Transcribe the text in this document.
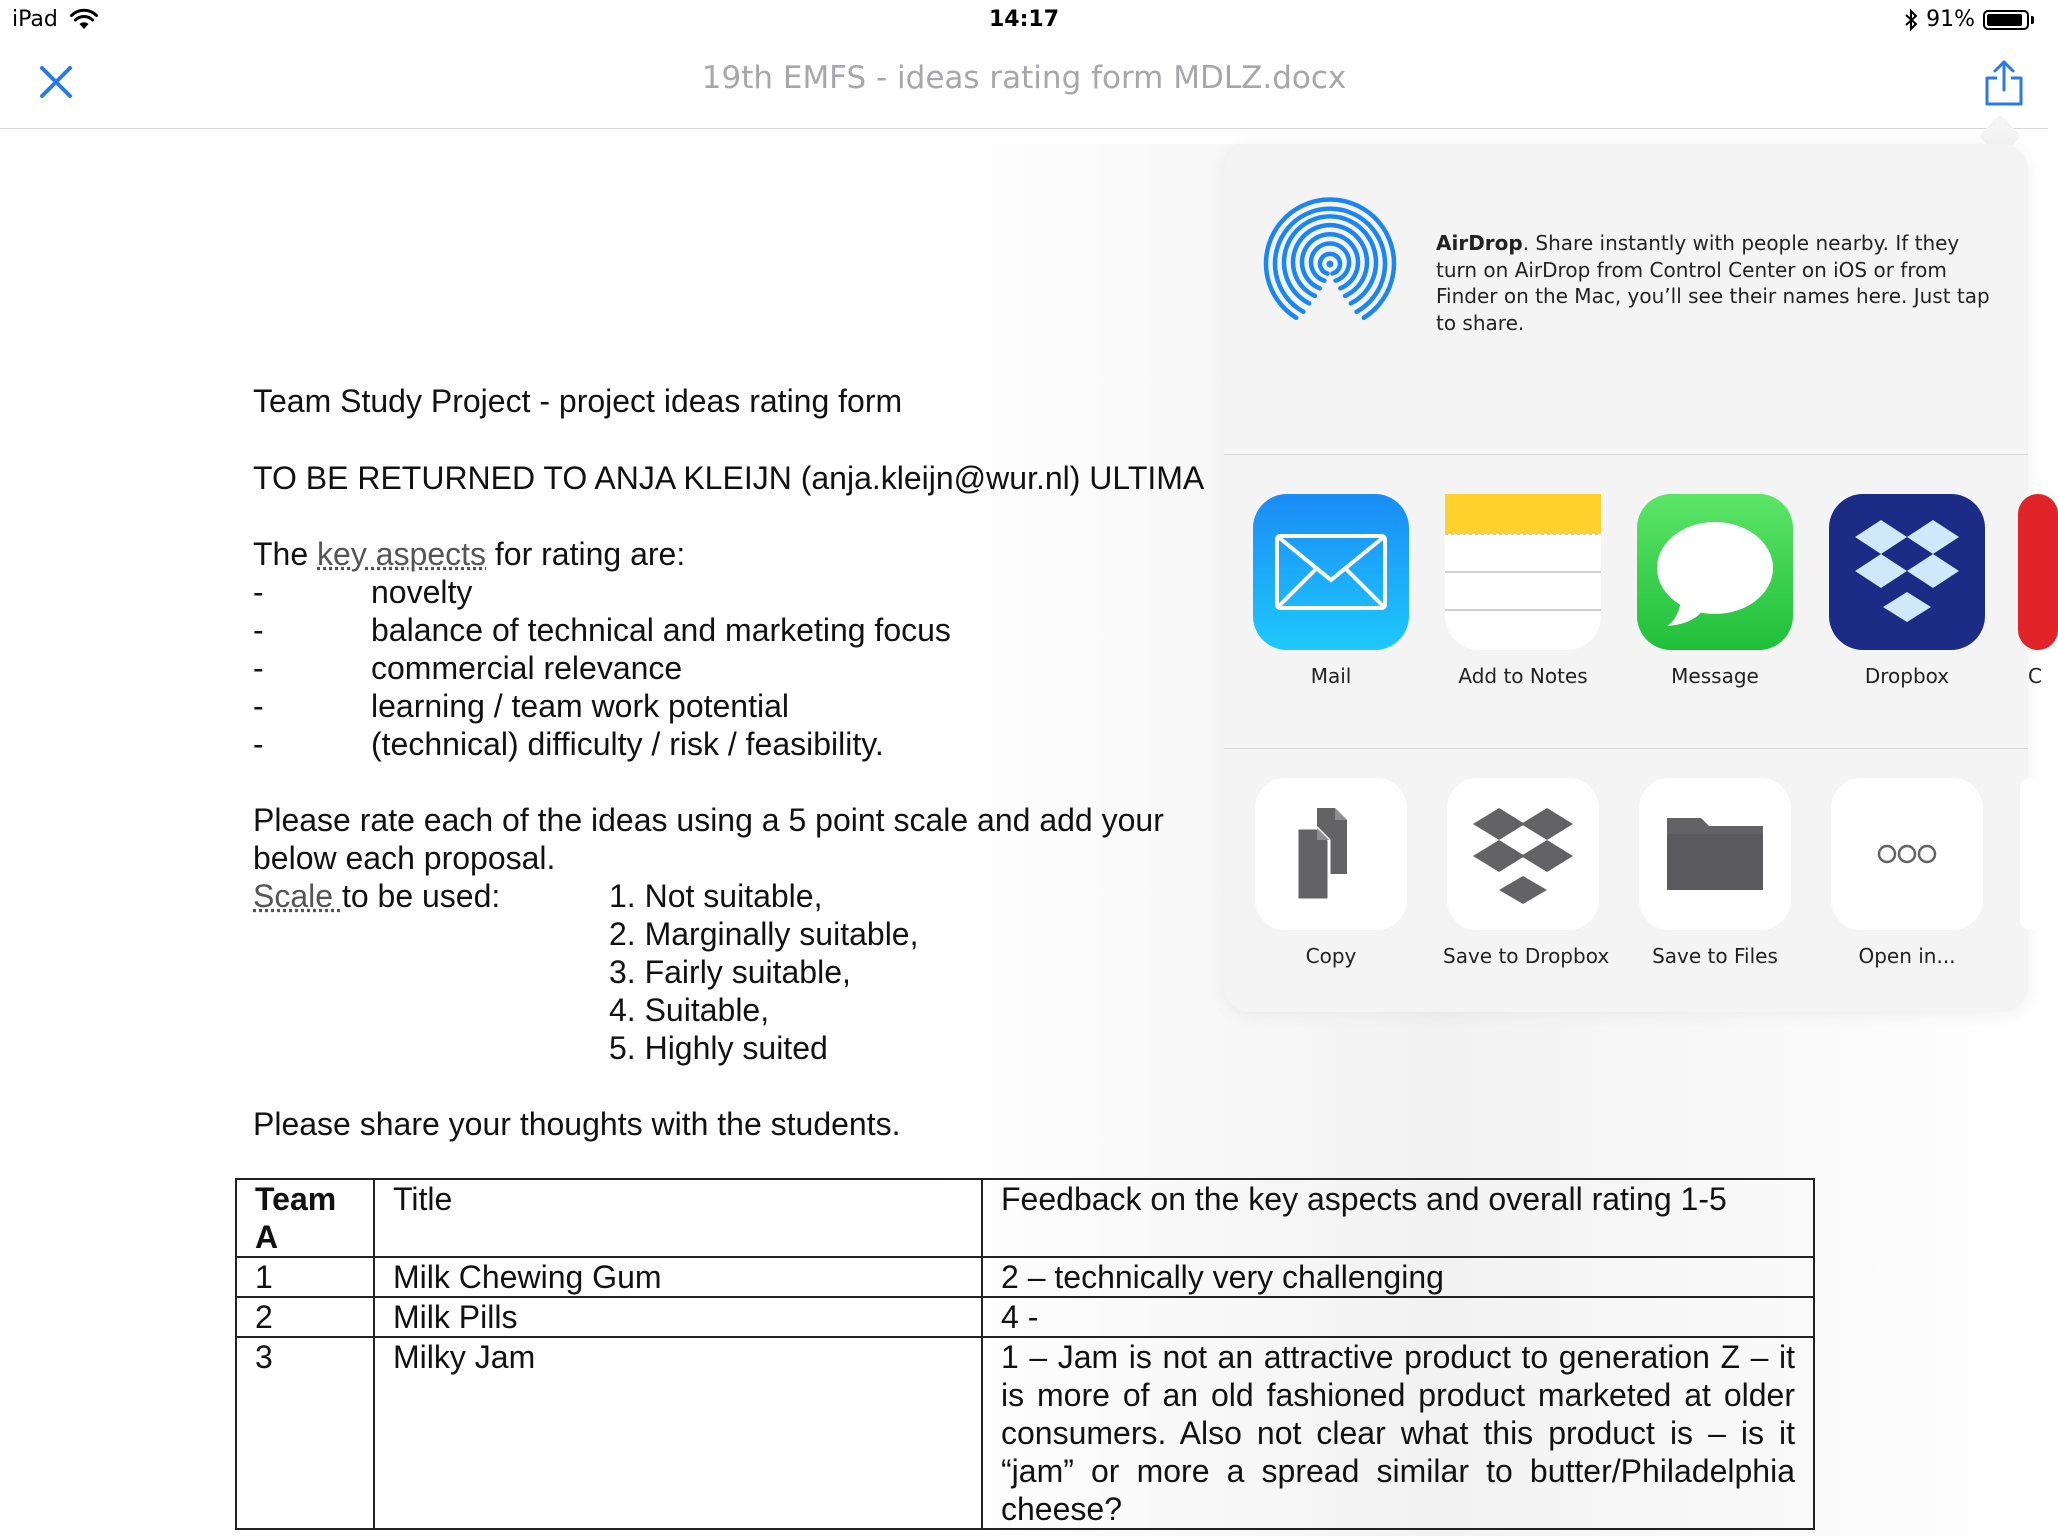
iPad	14:17	91%
19th EMFS - ideas rating form MDLZ.docx

Team Study Project - project ideas rating form

TO BE RETURNED TO ANJA KLEIJN (anja.kleijn@wur.nl) ULTIMA

The key aspects for rating are:

-	novelty
-	balance of technical and marketing focus
-	commercial relevance
-	learning / team work potential
-	(technical) difficulty / risk / feasibility.

Please rate each of the ideas using a 5 point scale and add your

below each proposal.

Scale to be used:	1. Not suitable,
2. Marginally suitable,
3. Fairly suitable,
4. Suitable,
5. Highly suited

Please share your thoughts with the students.

Team A	Title	Feedback on the key aspects and overall rating 1-5
1	Milk Chewing Gum	2 – technically very challenging
2	Milk Pills	4 -
3	Milky Jam	1 – Jam is not an attractive product to generation Z – it is more of an old fashioned product marketed at older consumers. Also not clear what this product is – is it “jam” or more a spread similar to butter/Philadelphia cheese?
AirDrop. Share instantly with people nearby. If they turn on AirDrop from Control Center on iOS or from Finder on the Mac, you’ll see their names here. Just tap to share.
Mail	Add to Notes	Message	Dropbox	C
Copy	Save to Dropbox	Save to Files	Open in...
